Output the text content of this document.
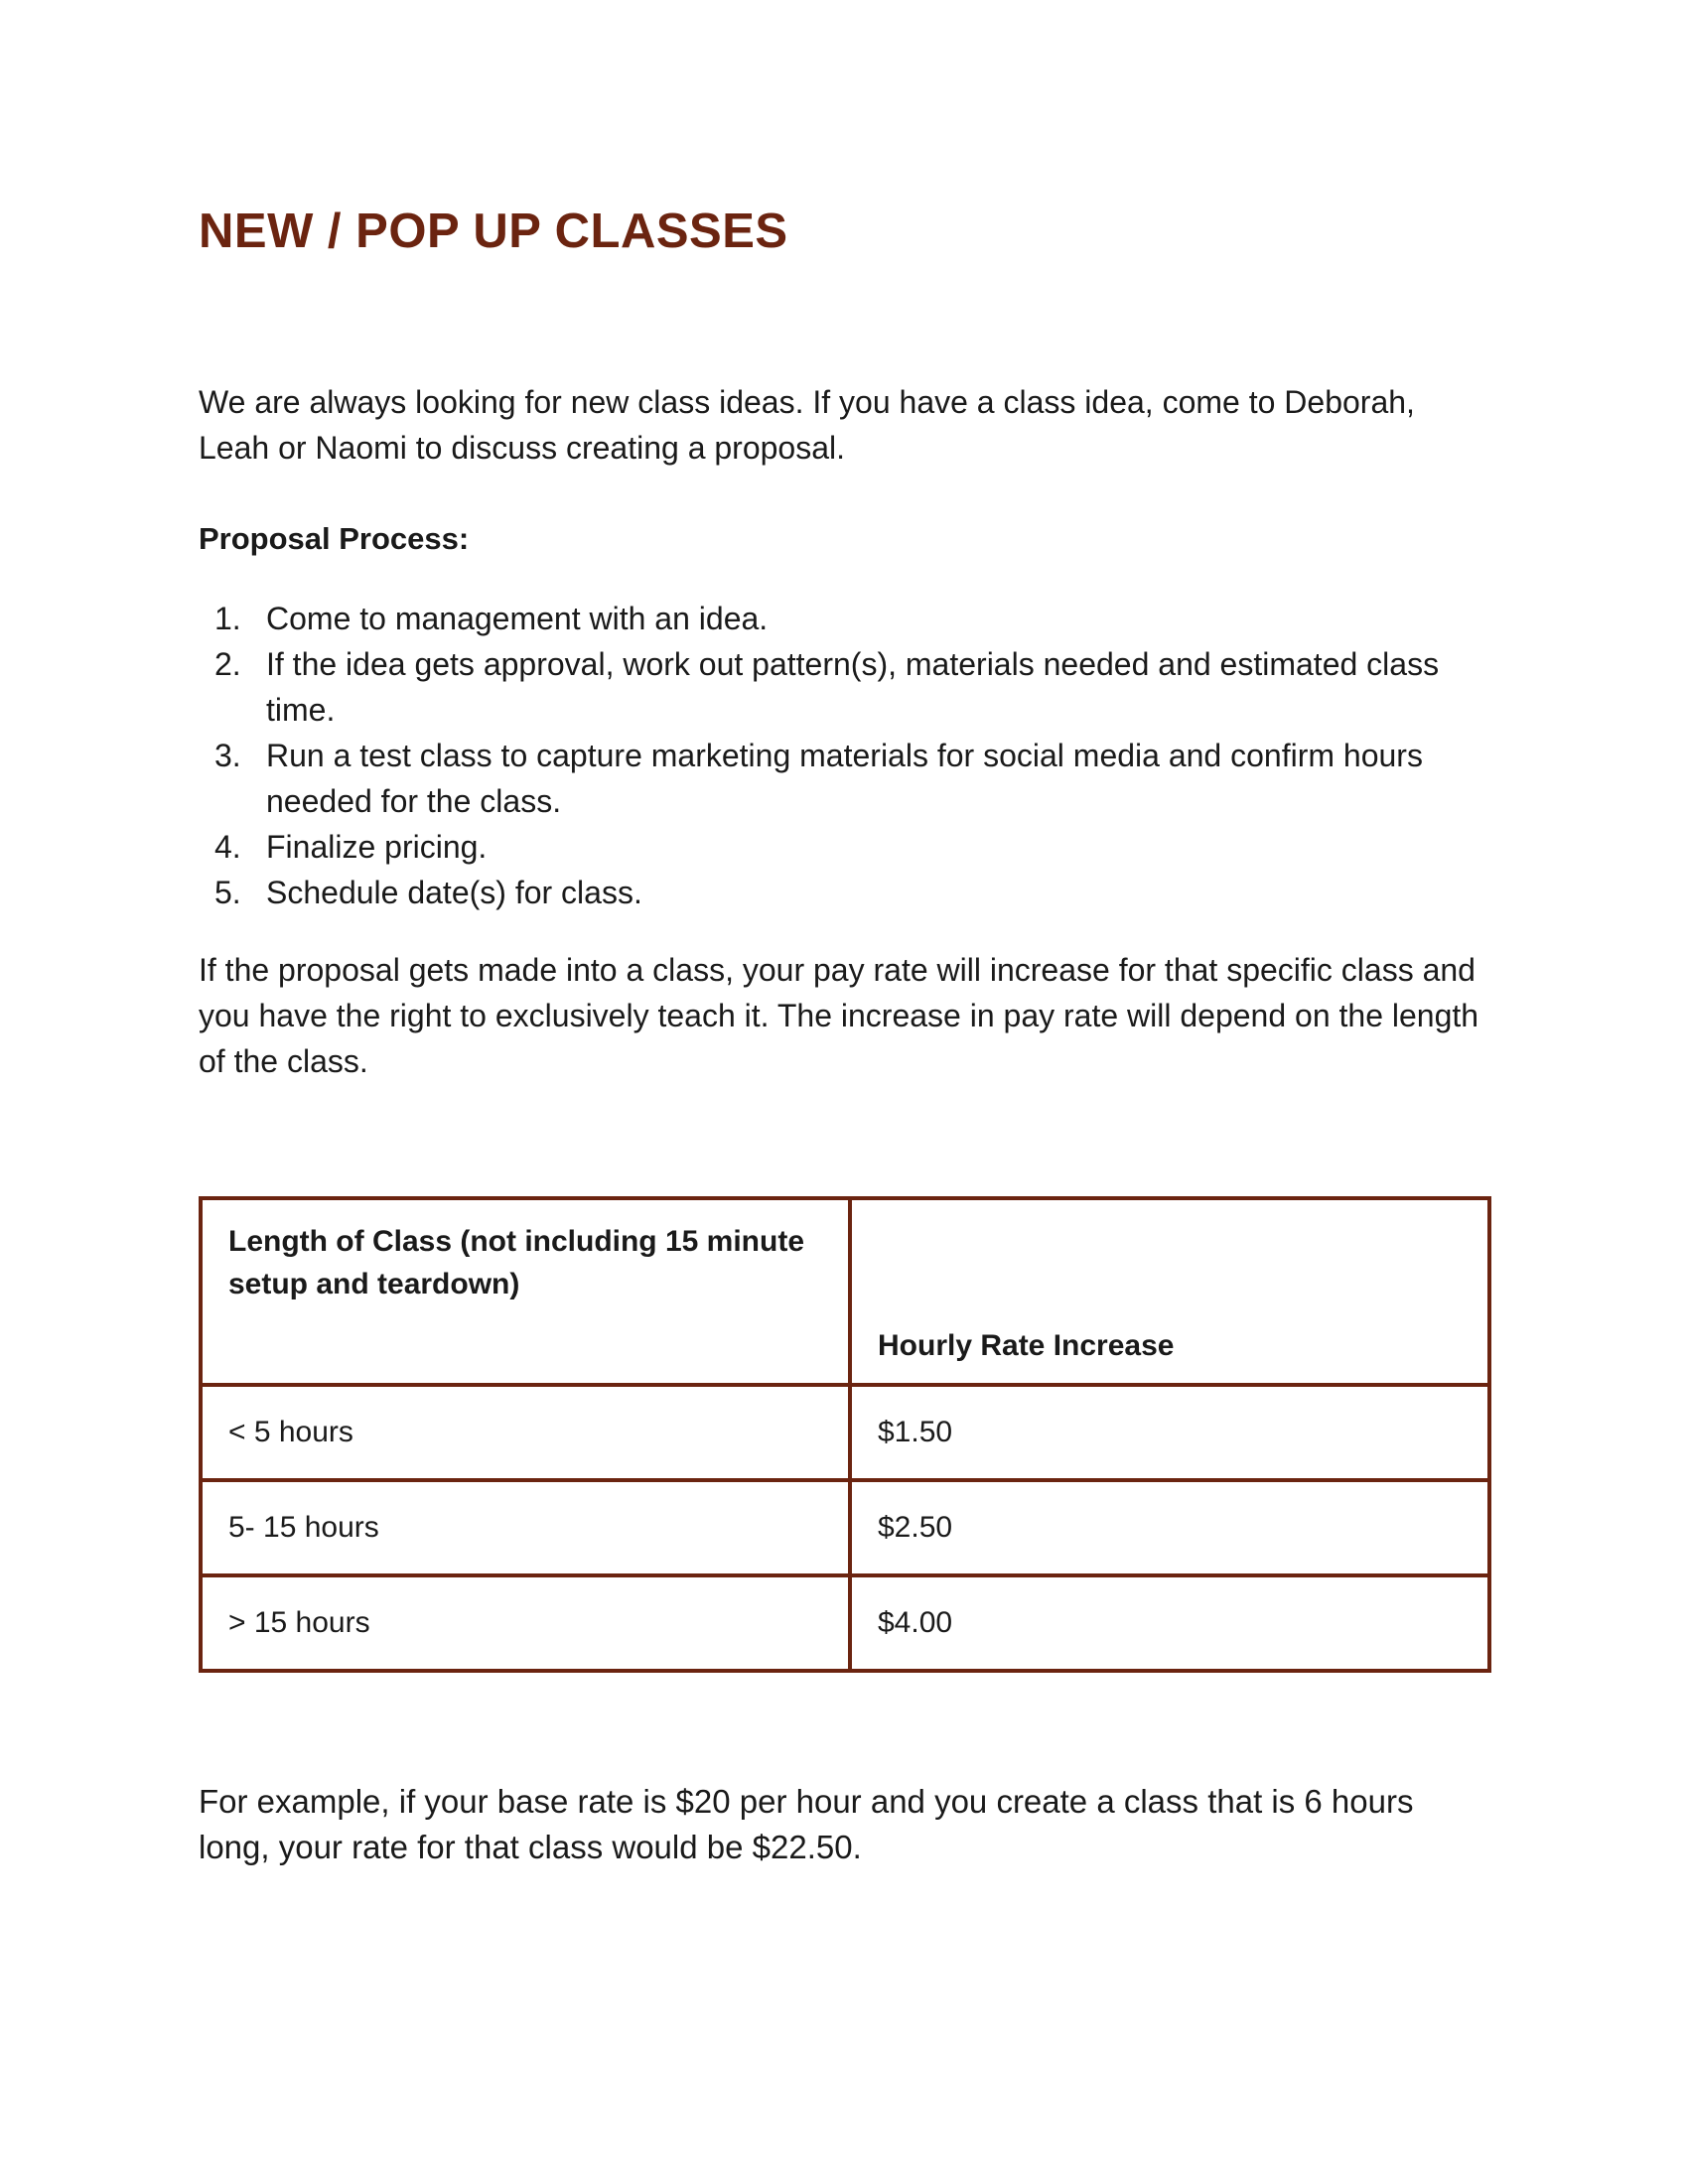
NEW / POP UP CLASSES

We are always looking for new class ideas. If you have a class idea, come to Deborah, Leah or Naomi to discuss creating a proposal.

Proposal Process:

1. Come to management with an idea.
2. If the idea gets approval, work out pattern(s), materials needed and estimated class time.
3. Run a test class to capture marketing materials for social media and confirm hours needed for the class.
4. Finalize pricing.
5. Schedule date(s) for class.

If the proposal gets made into a class, your pay rate will increase for that specific class and you have the right to exclusively teach it. The increase in pay rate will depend on the length of the class.

Length of Class (not including 15 minute setup and teardown)	Hourly Rate Increase
< 5 hours	$1.50
5- 15 hours	$2.50
> 15 hours	$4.00

For example, if your base rate is $20 per hour and you create a class that is 6 hours long, your rate for that class would be $22.50.
